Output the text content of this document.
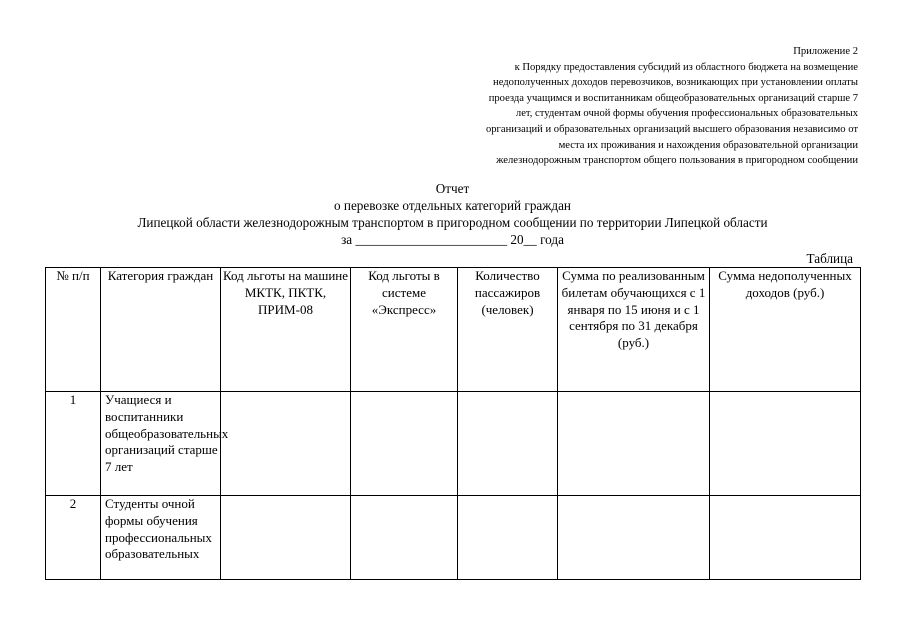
Приложение 2
к Порядку предоставления субсидий из областного бюджета на возмещение
недополученных доходов перевозчиков, возникающих при установлении оплаты
проезда учащимся и воспитанникам общеобразовательных организаций старше 7
лет, студентам очной формы обучения профессиональных образовательных
организаций и образовательных организаций высшего образования независимо от
места их проживания и нахождения образовательной организации
железнодорожным транспортом общего пользования в пригородном сообщении
Отчет
о перевозке отдельных категорий граждан
Липецкой области железнодорожным транспортом в пригородном сообщении по территории Липецкой области
за _______________________ 20__ года
Таблица
№ п/п	Категория граждан	Код льготы на машине МКТК, ПКТК, ПРИМ-08	Код льготы в системе «Экспресс»	Количество пассажиров (человек)	Сумма по реализованным билетам обучающихся с 1 января по 15 июня и с 1 сентября по 31 декабря (руб.)	Сумма недополученных доходов (руб.)
1	Учащиеся и воспитанники общеобразовательных организаций старше 7 лет					
2	Студенты очной формы обучения профессиональных образовательных					
